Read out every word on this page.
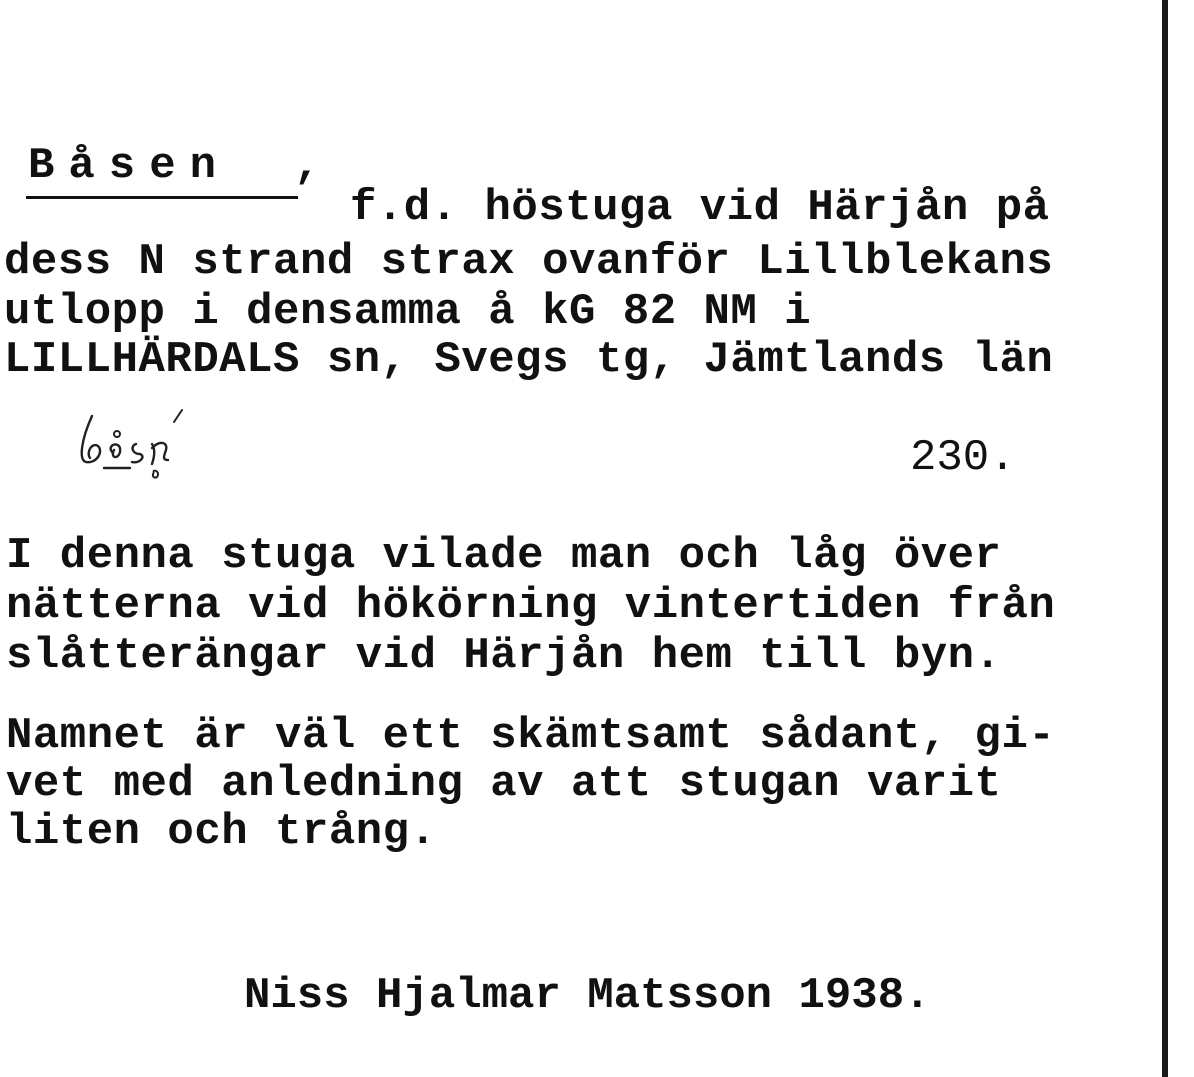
Båsen ,
f.d. höstuga vid Härjån på
dess N strand strax ovanför Lillblekans
utlopp i densamma å kG 82 NM i
LILLHÄRDALS sn, Svegs tg, Jämtlands län
230.
I denna stuga vilade man och låg över
nätterna vid hökörning vintertiden från
slåtterängar vid Härjån hem till byn.
Namnet är väl ett skämtsamt sådant, gi-
vet med anledning av att stugan varit
liten och trång.
Niss Hjalmar Matsson 1938.
